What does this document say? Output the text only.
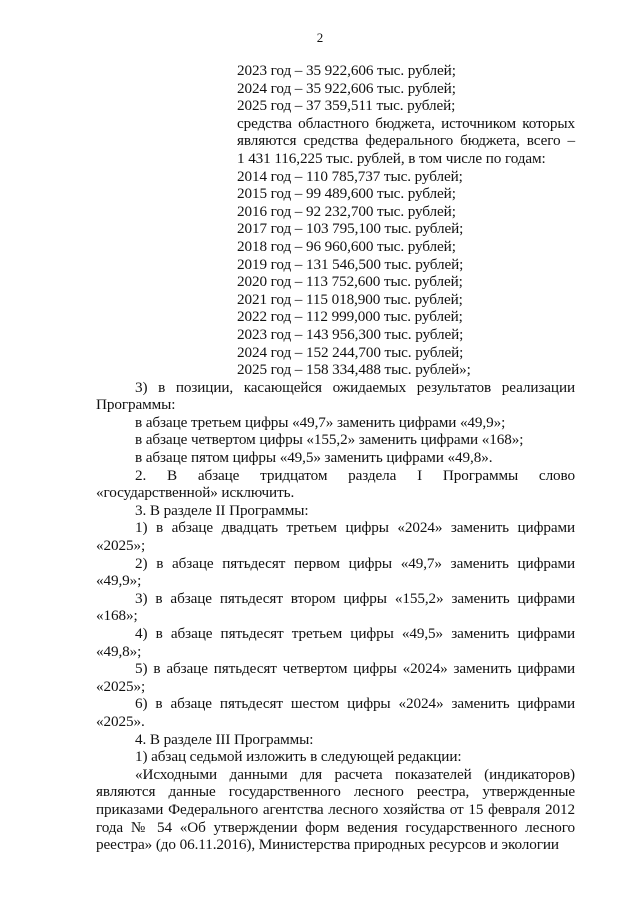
2
2023 год – 35 922,606 тыс. рублей;
2024 год – 35 922,606 тыс. рублей;
2025 год – 37 359,511 тыс. рублей;
средства областного бюджета, источником которых
являются средства федерального бюджета, всего –
1 431 116,225 тыс. рублей, в том числе по годам:
2014 год – 110 785,737 тыс. рублей;
2015 год – 99 489,600 тыс. рублей;
2016 год – 92 232,700 тыс. рублей;
2017 год – 103 795,100 тыс. рублей;
2018 год – 96 960,600 тыс. рублей;
2019 год – 131 546,500 тыс. рублей;
2020 год – 113 752,600 тыс. рублей;
2021 год – 115 018,900 тыс. рублей;
2022 год – 112 999,000 тыс. рублей;
2023 год – 143 956,300 тыс. рублей;
2024 год – 152 244,700 тыс. рублей;
2025 год – 158 334,488 тыс. рублей»;
3) в позиции, касающейся ожидаемых результатов реализации Программы:
в абзаце третьем цифры «49,7» заменить цифрами «49,9»;
в абзаце четвертом цифры «155,2» заменить цифрами «168»;
в абзаце пятом цифры «49,5» заменить цифрами «49,8».
2. В абзаце тридцатом раздела I Программы слово «государственной» исключить.
3. В разделе II Программы:
1) в абзаце двадцать третьем цифры «2024» заменить цифрами «2025»;
2) в абзаце пятьдесят первом цифры «49,7» заменить цифрами «49,9»;
3) в абзаце пятьдесят втором цифры «155,2» заменить цифрами «168»;
4) в абзаце пятьдесят третьем цифры «49,5» заменить цифрами «49,8»;
5) в абзаце пятьдесят четвертом цифры «2024» заменить цифрами «2025»;
6) в абзаце пятьдесят шестом цифры «2024» заменить цифрами «2025».
4. В разделе III Программы:
1) абзац седьмой изложить в следующей редакции:
«Исходными данными для расчета показателей (индикаторов) являются данные государственного лесного реестра, утвержденные приказами Федерального агентства лесного хозяйства от 15 февраля 2012 года № 54 «Об утверждении форм ведения государственного лесного реестра» (до 06.11.2016), Министерства природных ресурсов и экологии
